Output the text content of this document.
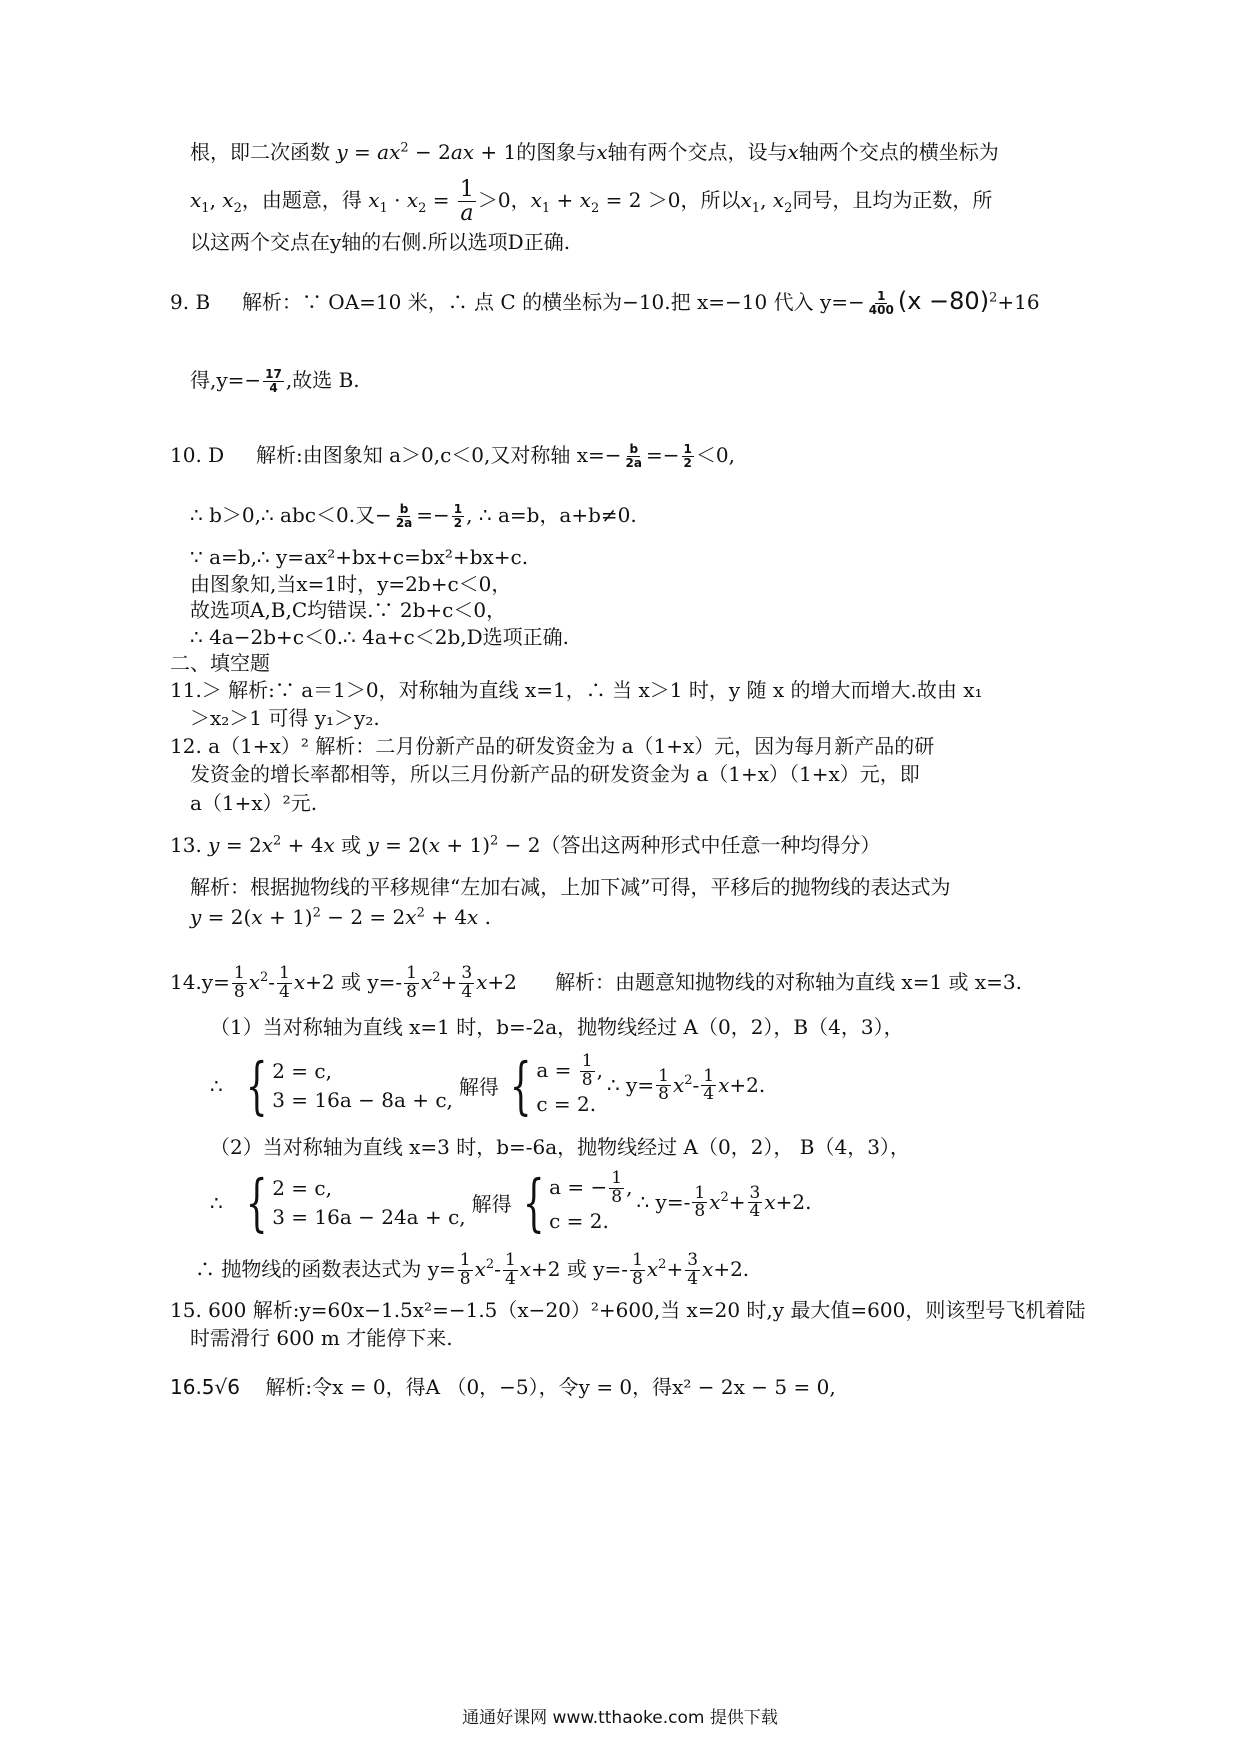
根，即二次函数 $y = ax^2 - 2ax + 1$的图象与x轴有两个交点，设与x轴两个交点的横坐标为
$x_1$, $x_2$，由题意，得 $x_1 \cdot x_2 = \frac{1}{a} >0$，$x_1 + x_2 = 2 >0$，所以$x_1$, $x_2$同号，且均为正数，所
以这两个交点在y轴的右侧.所以选项D正确.
9. B 解析：∵ OA=10 米，∴ 点 C 的横坐标为−10.把 x=−10 代入 $y=- \frac{1}{400} (x -80)^2+16$
得$,y=- \frac{17}{4}$ ,故选 B.
10. D 解析:由图象知 a＞0,c＜0,又对称轴 $x=- \frac{b}{2a} =- \frac{1}{2} <0$,
∴ b＞0,∴ abc＜0.又− $\frac{b}{2a} =- \frac{1}{2}$ , ∴ a=b，a+b≠0.
∵ a=b,∴ y=ax²+bx+c=bx²+bx+c.
由图象知,当x=1时，y=2b+c＜0，
故选项A,B,C均错误.∵ 2b+c＜0，
∴ 4a−2b+c＜0.∴ 4a+c＜2b,D选项正确.
二、填空题
11.＞ 解析:∵ a＝1＞0，对称轴为直线 x=1，∴ 当 x＞1 时，y 随 x 的增大而增大.故由 x₁
＞x₂＞1 可得 y₁＞y₂.
12. a（1+x）² 解析：二月份新产品的研发资金为 a（1+x）元，因为每月新产品的研
发资金的增长率都相等，所以三月份新产品的研发资金为 a（1+x）（1+x）元，即
a（1+x）²元.
13. $y = 2x^2 + 4x$ 或 $y = 2(x + 1)^2 - 2$（答出这两种形式中任意一种均得分）
解析：根据抛物线的平移规律“左加右减，上加下减”可得，平移后的抛物线的表达式为
$y = 2(x + 1)^2 - 2 = 2x^2 + 4x$ .
$14.y= \frac{1}{8} x^2- \frac{1}{4} x+2$ 或 $y=- \frac{1}{8} x^2+ \frac{3}{4} x+2$      解析：由题意知抛物线的对称轴为直线 x=1 或 x=3.
（1）当对称轴为直线 x=1 时，b=-2a，抛物线经过 A（0，2），B（4，3），
∴ { 2 = c,
3 = 16a − 8a + c,
解得 { $a = \frac{1}{8}$ ,
c = 2.
∴ $y= \frac{1}{8} x^2- \frac{1}{4} x+2$.
（2）当对称轴为直线 x=3 时，b=-6a，抛物线经过 A（0，2）， B（4，3），
∴ { 2 = c,
3 = 16a − 24a + c,
解得 { a = − $\frac{1}{8}$ ,
c = 2.
∴ $y=- \frac{1}{8} x^2+ \frac{3}{4} x+2$.
∴ 抛物线的函数表达式为 $y= \frac{1}{8} x^2- \frac{1}{4} x+2$ 或 $y=- \frac{1}{8} x^2+ \frac{3}{4} x+2$.
15. 600 解析:y=60x−1.5x²=−1.5（x−20）²+600,当 x=20 时,y 最大值=600，则该型号飞机着陆
时需滑行 600 m 才能停下来.
16.5√6 解析:令x = 0，得A （0，−5），令y = 0，得x² − 2x − 5 = 0,
通通好课网 www.tthaoke.com 提供下载
